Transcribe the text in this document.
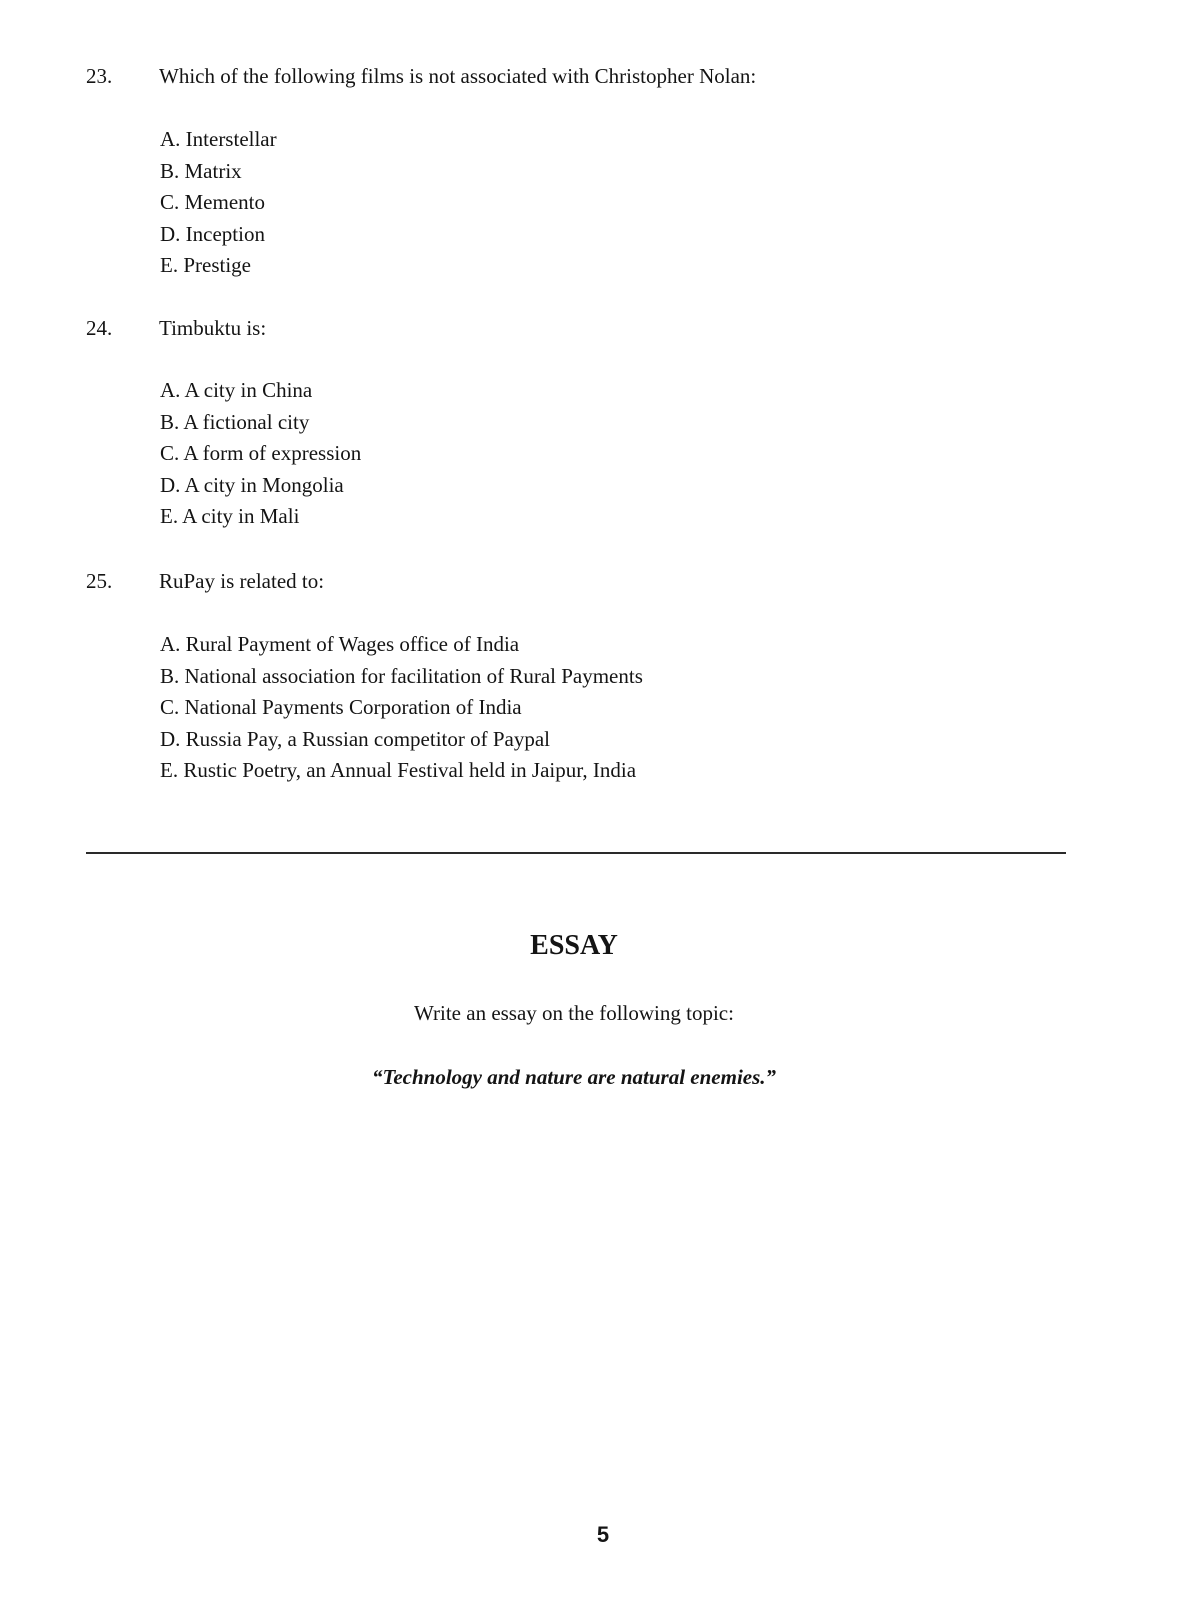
23. Which of the following films is not associated with Christopher Nolan:
A. Interstellar
B. Matrix
C. Memento
D. Inception
E. Prestige
24. Timbuktu is:
A. A city in China
B. A fictional city
C. A form of expression
D. A city in Mongolia
E. A city in Mali
25. RuPay is related to:
A. Rural Payment of Wages office of India
B. National association for facilitation of Rural Payments
C. National Payments Corporation of India
D. Russia Pay, a Russian competitor of Paypal
E. Rustic Poetry, an Annual Festival held in Jaipur, India
ESSAY
Write an essay on the following topic:
“Technology and nature are natural enemies.”
5
